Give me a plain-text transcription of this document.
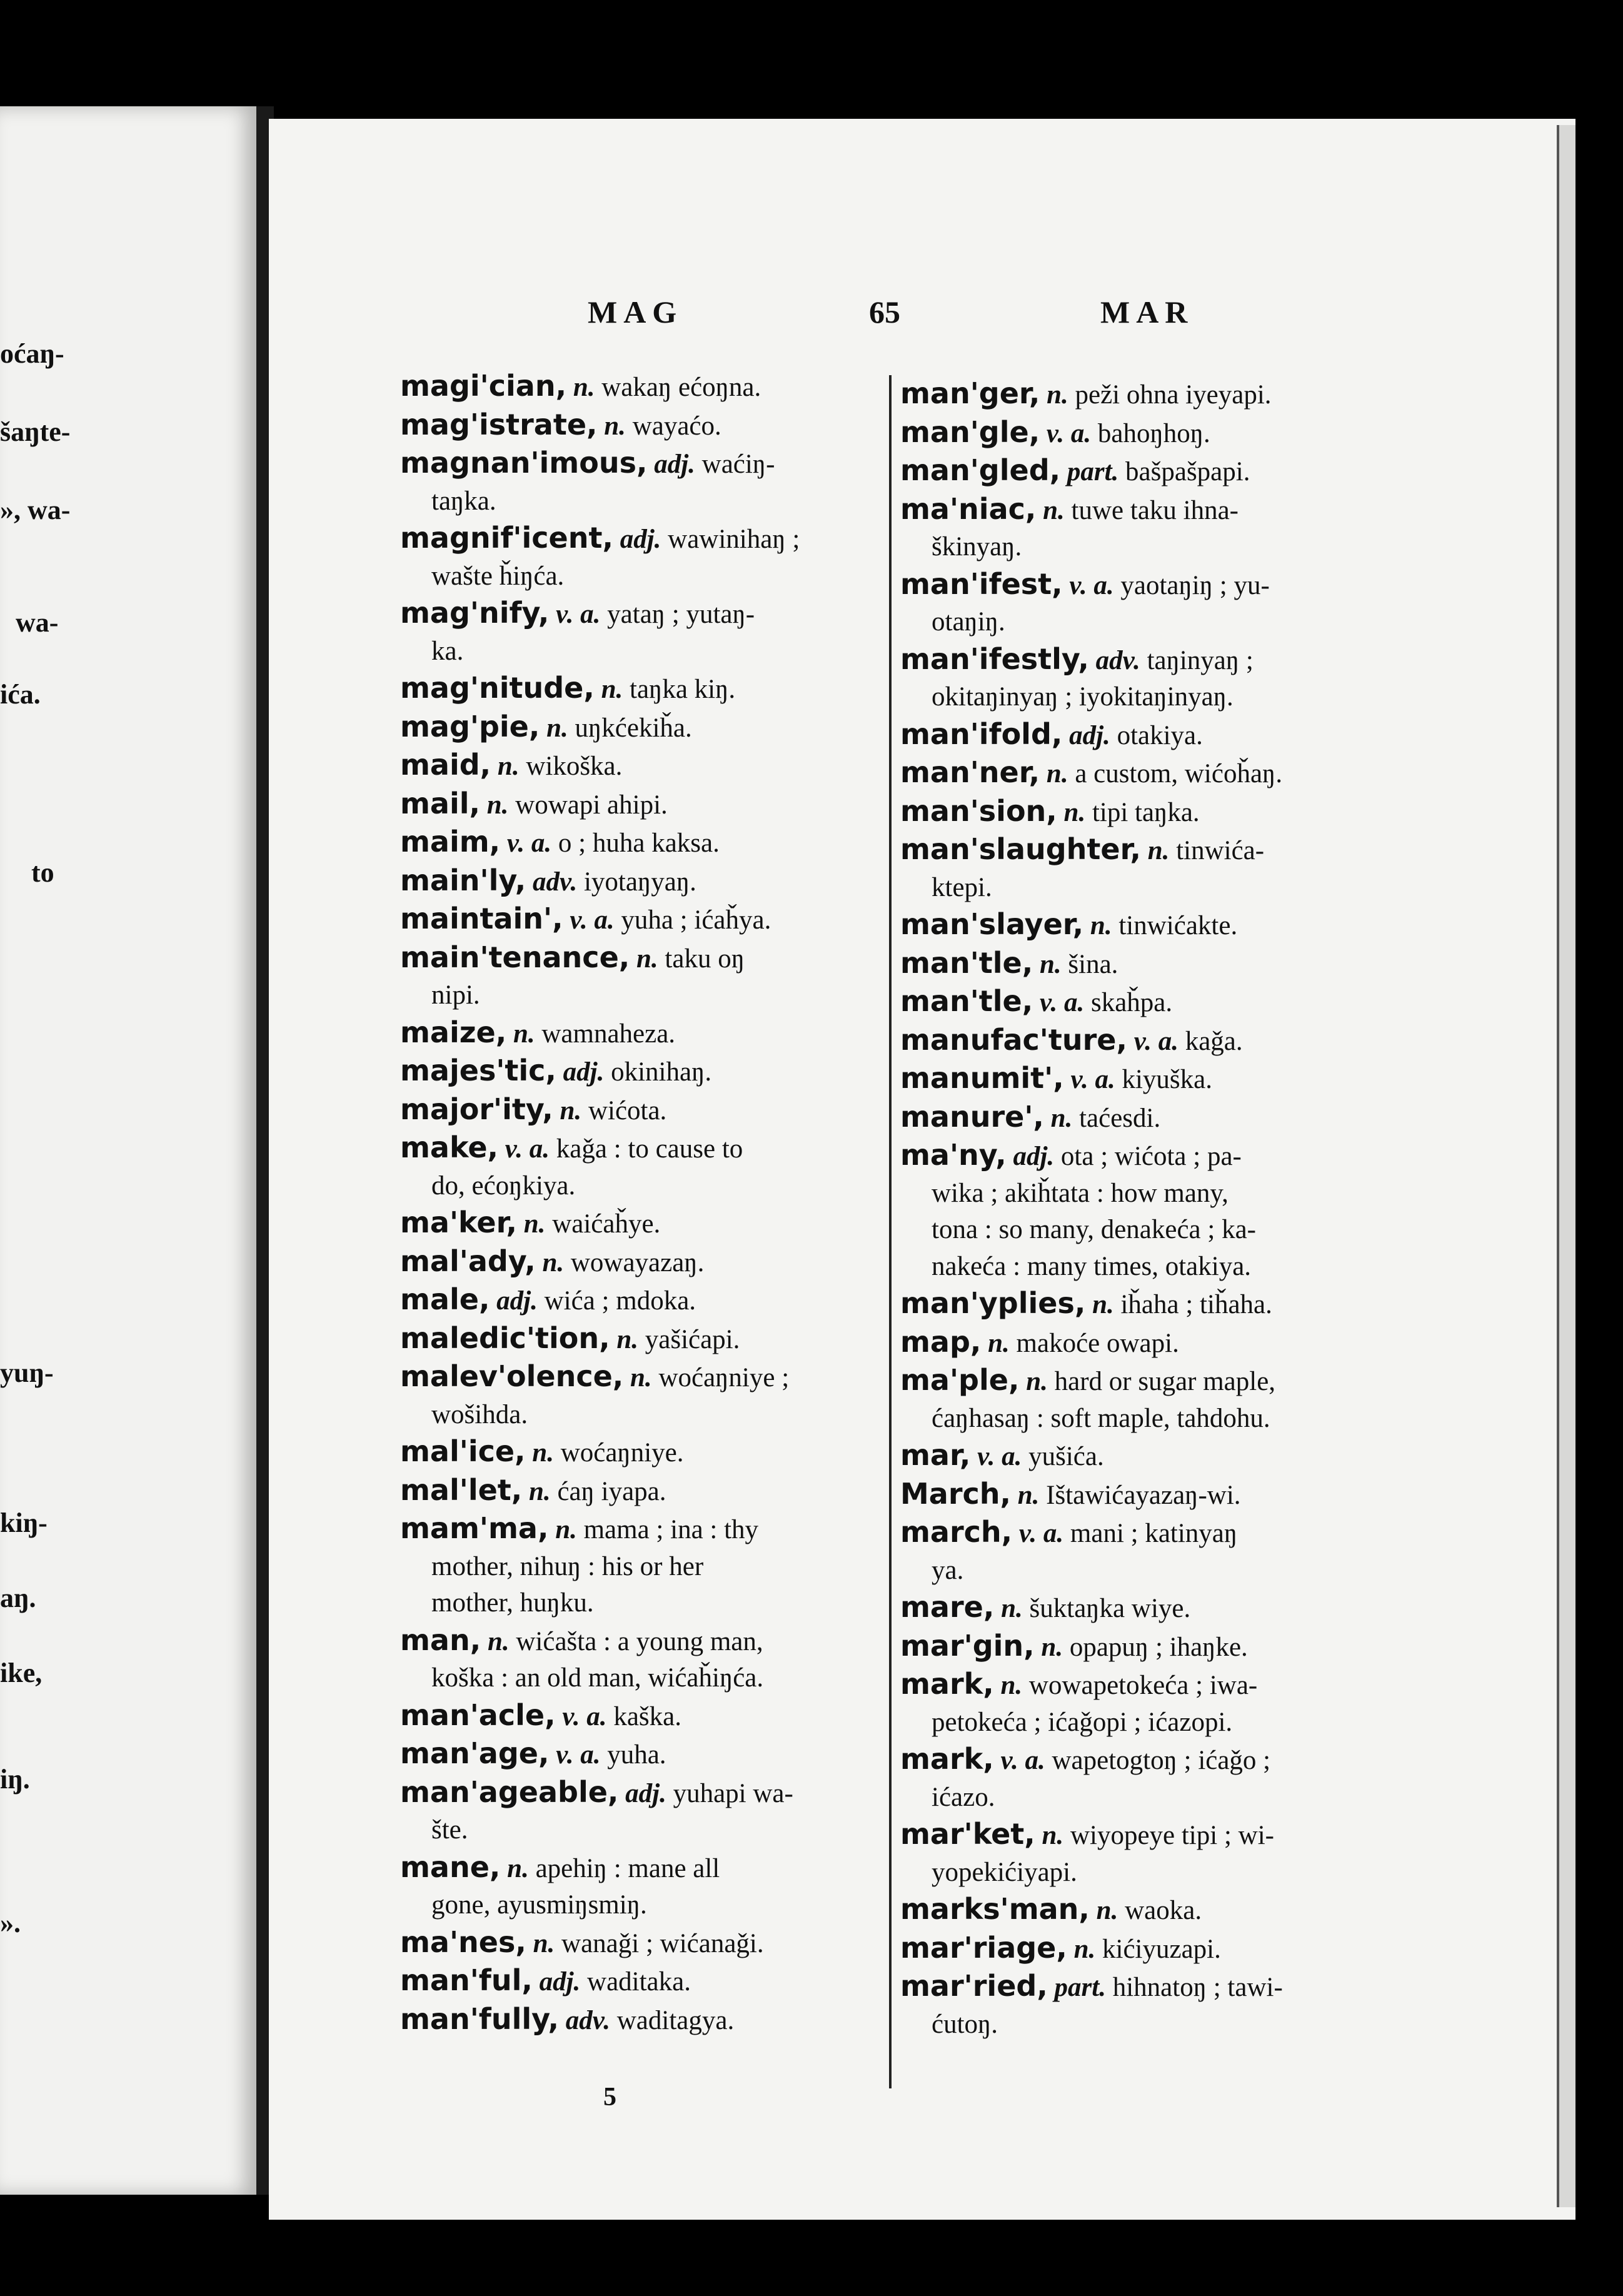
oćaŋ-
šaŋte-
», wa-
wa-
ića.
to
yuŋ-
kiŋ-
aŋ.
ike,
iŋ.
».
MAG	65	MAR

magi'cian, n. wakaŋ ećoŋna.

mag'istrate, n. wayaćo.

magnan'imous, adj. waćiŋ-
taŋka.

magnif'icent, adj. wawinihaŋ ;
wašte ȟiŋća.

mag'nify, v. a. yataŋ ; yutaŋ-
ka.

mag'nitude, n. taŋka kiŋ.

mag'pie, n. uŋkćekiȟa.

maid, n. wikoška.

mail, n. wowapi ahipi.

maim, v. a. o ; huha kaksa.

main'ly, adv. iyotaŋyaŋ.

maintain', v. a. yuha ; ićaȟya.

main'tenance, n. taku oŋ
nipi.

maize, n. wamnaheza.

majes'tic, adj. okinihaŋ.

major'ity, n. wićota.

make, v. a. kaǧa : to cause to
do, ećoŋkiya.

ma'ker, n. waićaȟye.

mal'ady, n. wowayazaŋ.

male, adj. wića ; mdoka.

maledic'tion, n. yašićapi.

malev'olence, n. woćaŋniye ;
wošihda.

mal'ice, n. woćaŋniye.

mal'let, n. ćaŋ iyapa.

mam'ma, n. mama ; ina : thy
mother, nihuŋ : his or her
mother, huŋku.

man, n. wićašta : a young man,
koška : an old man, wićaȟiŋća.

man'acle, v. a. kaška.

man'age, v. a. yuha.

man'ageable, adj. yuhapi wa-
šte.

mane, n. apehiŋ : mane all
gone, ayusmiŋsmiŋ.

ma'nes, n. wanaǧi ; wićanaǧi.

man'ful, adj. waditaka.

man'fully, adv. waditagya.

man'ger, n. peži ohna iyeyapi.

man'gle, v. a. bahoŋhoŋ.

man'gled, part. bašpašpapi.

ma'niac, n. tuwe taku ihna-
škinyaŋ.

man'ifest, v. a. yaotaŋiŋ ; yu-
otaŋiŋ.

man'ifestly, adv. taŋinyaŋ ;
okitaŋinyaŋ ; iyokitaŋinyaŋ.

man'ifold, adj. otakiya.

man'ner, n. a custom, wićoȟaŋ.

man'sion, n. tipi taŋka.

man'slaughter, n. tinwića-
ktepi.

man'slayer, n. tinwićakte.

man'tle, n. šina.

man'tle, v. a. skaȟpa.

manufac'ture, v. a. kaǧa.

manumit', v. a. kiyuška.

manure', n. taćesdi.

ma'ny, adj. ota ; wićota ; pa-
wika ; akiȟtata : how many,
tona : so many, denakeća ; ka-
nakeća : many times, otakiya.

man'yplies, n. iȟaha ; tiȟaha.

map, n. makoće owapi.

ma'ple, n. hard or sugar maple,
ćaŋhasaŋ : soft maple, tahdohu.

mar, v. a. yušića.

March, n. Ištawićayazaŋ-wi.

march, v. a. mani ; katinyaŋ
ya.

mare, n. šuktaŋka wiye.

mar'gin, n. opapuŋ ; ihaŋke.

mark, n. wowapetokeća ; iwa-
petokeća ; ićaǧopi ; ićazopi.

mark, v. a. wapetogtoŋ ; ićaǧo ;
ićazo.

mar'ket, n. wiyopeye tipi ; wi-
yopekićiyapi.

marks'man, n. waoka.

mar'riage, n. kićiyuzapi.

mar'ried, part. hihnatoŋ ; tawi-
ćutoŋ.

5
